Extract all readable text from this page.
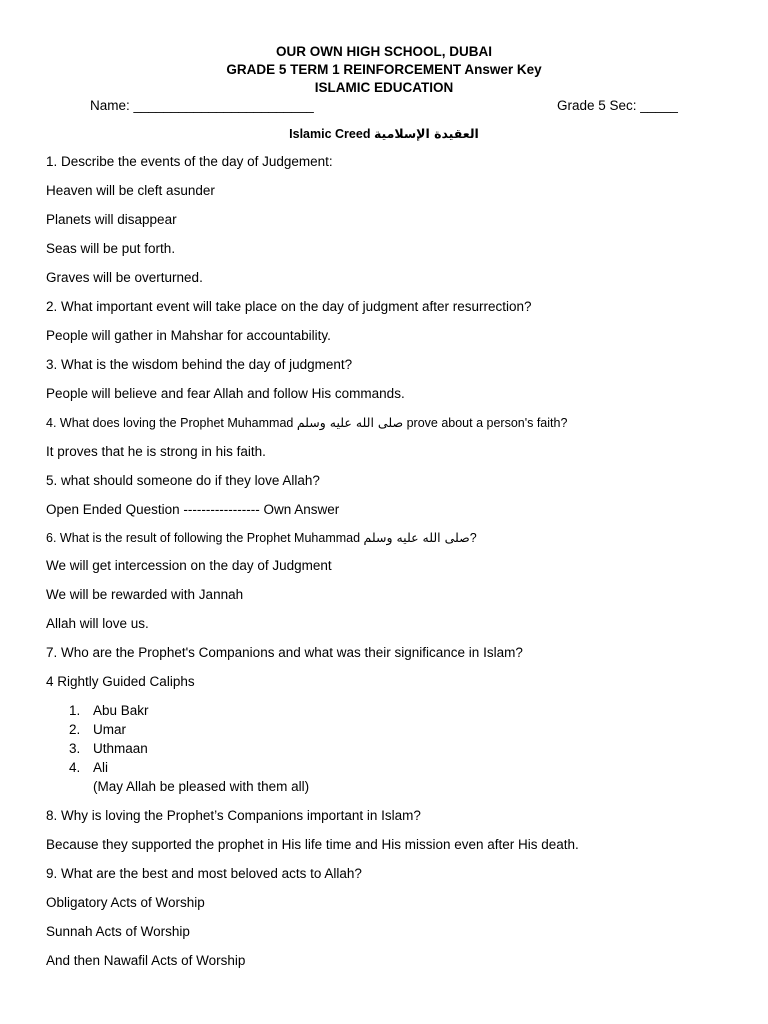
OUR OWN HIGH SCHOOL, DUBAI
GRADE 5 TERM 1 REINFORCEMENT Answer Key
ISLAMIC EDUCATION
Name: ________________________	Grade 5 Sec: _____
Islamic Creed العقيدة الإسلامية
1. Describe the events of the day of Judgement:
Heaven will be cleft asunder
Planets will disappear
Seas will be put forth.
Graves will be overturned.
2. What important event will take place on the day of judgment after resurrection?
People will gather in Mahshar for accountability.
3. What is the wisdom behind the day of judgment?
People will believe and fear Allah and follow His commands.
4. What does loving the Prophet Muhammad صلى الله عليه وسلم prove about a person's faith?
It proves that he is strong in his faith.
5. what should someone do if they love Allah?
Open Ended Question ----------------- Own Answer
6. What is the result of following the Prophet Muhammad صلى الله عليه وسلم?
We will get intercession on the day of Judgment
We will be rewarded with Jannah
Allah will love us.
7. Who are the Prophet's Companions and what was their significance in Islam?
4 Rightly Guided Caliphs
1. Abu Bakr
2. Umar
3. Uthmaan
4. Ali
(May Allah be pleased with them all)
8. Why is loving the Prophet’s Companions important in Islam?
Because they supported the prophet in His life time and His mission even after His death.
9. What are the best and most beloved acts to Allah?
Obligatory Acts of Worship
Sunnah Acts of Worship
And then Nawafil Acts of Worship
